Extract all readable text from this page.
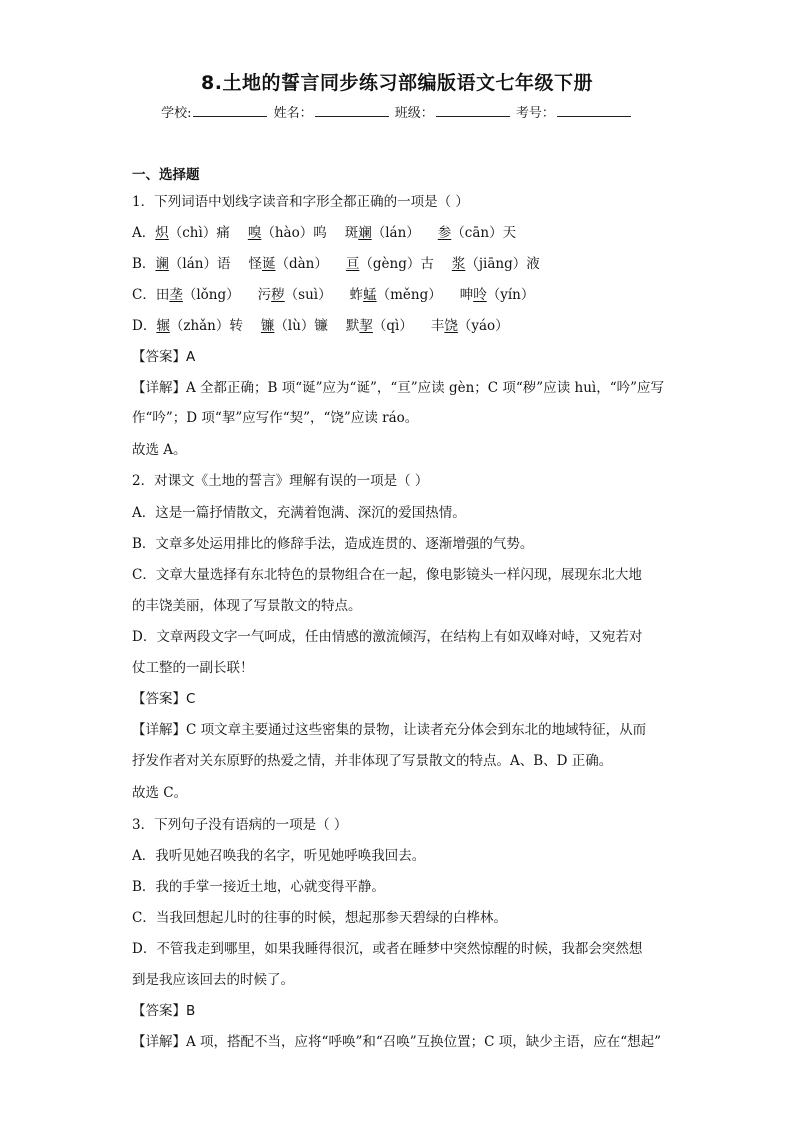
8.土地的誓言同步练习部编版语文七年级下册
学校:	姓名：	班级：	考号：
一、选择题
1．下列词语中划线字读音和字形全都正确的一项是（ ）
A．炽（chì）痛 嗅（hào）呜 斑斓（lán） 参（cān）天
B．谰（lán）语 怪诞（dàn） 亘（gèng）古 浆（jiāng）液
C．田垄（lǒng） 污秽（suì） 蚱蜢（měng） 呻呤（yín）
D．辗（zhǎn）转 镰（lù）镰 默挈（qì） 丰饶（yáo）
【答案】A
【详解】A 全都正确；B 项“诞”应为“诞”，“亘”应读 gèn；C 项“秽”应读 huì，“吟”应写
作“吟”；D 项“挈”应写作“契”，“饶”应读 ráo。
故选 A。
2．对课文《土地的誓言》理解有误的一项是（ ）
A．这是一篇抒情散文，充满着饱满、深沉的爱国热情。
B．文章多处运用排比的修辞手法，造成连贯的、逐渐增强的气势。
C．文章大量选择有东北特色的景物组合在一起，像电影镜头一样闪现，展现东北大地
的丰饶美丽，体现了写景散文的特点。
D．文章两段文字一气呵成，任由情感的激流倾泻，在结构上有如双峰对峙，又宛若对
仗工整的一副长联！
【答案】C
【详解】C 项文章主要通过这些密集的景物，让读者充分体会到东北的地域特征，从而
抒发作者对关东原野的热爱之情，并非体现了写景散文的特点。A、B、D 正确。
故选 C。
3．下列句子没有语病的一项是（ ）
A．我听见她召唤我的名字，听见她呼唤我回去。
B．我的手掌一接近土地，心就变得平静。
C．当我回想起儿时的往事的时候，想起那参天碧绿的白桦林。
D．不管我走到哪里，如果我睡得很沉，或者在睡梦中突然惊醒的时候，我都会突然想
到是我应该回去的时候了。
【答案】B
【详解】A 项，搭配不当，应将“呼唤”和“召唤”互换位置；C 项，缺少主语，应在“想起”
